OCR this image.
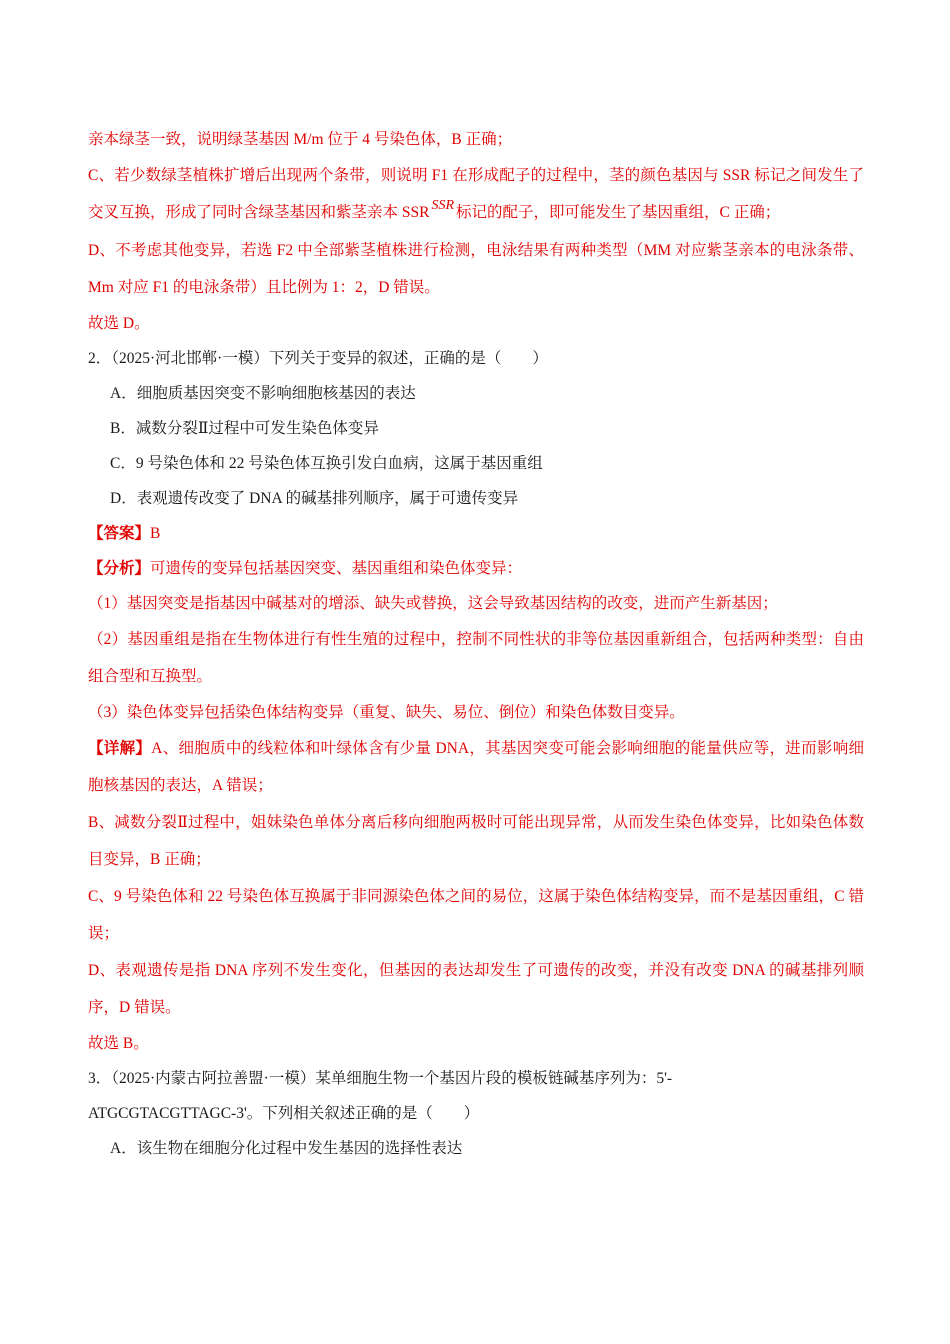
亲本绿茎一致，说明绿茎基因 M/m 位于 4 号染色体，B 正确；
C、若少数绿茎植株扩增后出现两个条带，则说明 F1 在形成配子的过程中，茎的颜色基因与 SSR 标记之间发生了交叉互换，形成了同时含绿茎基因和紫茎亲本 SSR SSR 标记的配子，即可能发生了基因重组，C 正确；
D、不考虑其他变异，若选 F2 中全部紫茎植株进行检测，电泳结果有两种类型（MM 对应紫茎亲本的电泳条带、Mm 对应 F1 的电泳条带）且比例为 1：2，D 错误。
故选 D。
2．（2025·河北邯郸·一模）下列关于变异的叙述，正确的是（　　）
A．细胞质基因突变不影响细胞核基因的表达
B．减数分裂Ⅱ过程中可发生染色体变异
C．9 号染色体和 22 号染色体互换引发白血病，这属于基因重组
D．表观遗传改变了 DNA 的碱基排列顺序，属于可遗传变异
【答案】B
【分析】可遗传的变异包括基因突变、基因重组和染色体变异：
（1）基因突变是指基因中碱基对的增添、缺失或替换，这会导致基因结构的改变，进而产生新基因；
（2）基因重组是指在生物体进行有性生殖的过程中，控制不同性状的非等位基因重新组合，包括两种类型：自由组合型和互换型。
（3）染色体变异包括染色体结构变异（重复、缺失、易位、倒位）和染色体数目变异。
【详解】A、细胞质中的线粒体和叶绿体含有少量 DNA，其基因突变可能会影响细胞的能量供应等，进而影响细胞核基因的表达，A 错误；
B、减数分裂Ⅱ过程中，姐妹染色单体分离后移向细胞两极时可能出现异常，从而发生染色体变异，比如染色体数目变异，B 正确；
C、9 号染色体和 22 号染色体互换属于非同源染色体之间的易位，这属于染色体结构变异，而不是基因重组，C 错误；
D、表观遗传是指 DNA 序列不发生变化，但基因的表达却发生了可遗传的改变，并没有改变 DNA 的碱基排列顺序，D 错误。
故选 B。
3．（2025·内蒙古阿拉善盟·一模）某单细胞生物一个基因片段的模板链碱基序列为：5'-
ATGCGTACGTTAGC-3'。下列相关叙述正确的是（　　）
A．该生物在细胞分化过程中发生基因的选择性表达
